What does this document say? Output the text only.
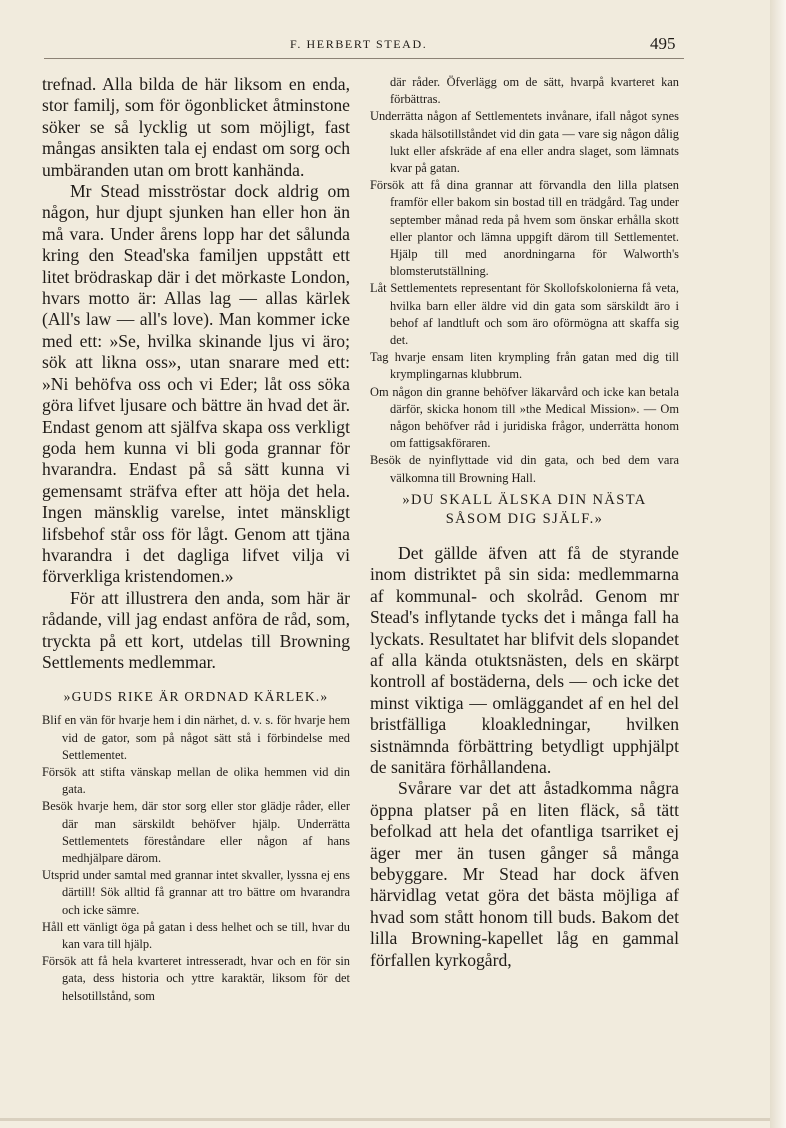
F. HERBERT STEAD.	495

trefnad. Alla bilda de här liksom en enda, stor familj, som för ögonblicket åtminstone söker se så lycklig ut som möjligt, fast mångas ansikten tala ej endast om sorg och umbäranden utan om brott kanhända.

Mr Stead misströstar dock aldrig om någon, hur djupt sjunken han eller hon än må vara. Under årens lopp har det sålunda kring den Stead'ska familjen uppstått ett litet brödraskap där i det mörkaste London, hvars motto är: Allas lag — allas kärlek (All's law — all's love). Man kommer icke med ett: »Se, hvilka skinande ljus vi äro; sök att likna oss», utan snarare med ett: »Ni behöfva oss och vi Eder; låt oss söka göra lifvet ljusare och bättre än hvad det är. Endast genom att själfva skapa oss verkligt goda hem kunna vi bli goda grannar för hvarandra. Endast på så sätt kunna vi gemensamt sträfva efter att höja det hela. Ingen mänsklig varelse, intet mänskligt lifsbehof står oss för lågt. Genom att tjäna hvarandra i det dagliga lifvet vilja vi förverkliga kristendomen.»

För att illustrera den anda, som här är rådande, vill jag endast anföra de råd, som, tryckta på ett kort, utdelas till Browning Settlements medlemmar.

»GUDS RIKE ÄR ORDNAD KÄRLEK.»

Blif en vän för hvarje hem i din närhet, d. v. s. för hvarje hem vid de gator, som på något sätt stå i förbindelse med Settlementet.

Försök att stifta vänskap mellan de olika hemmen vid din gata.

Besök hvarje hem, där stor sorg eller stor glädje råder, eller där man särskildt behöfver hjälp. Underrätta Settlementets föreståndare eller någon af hans medhjälpare därom.

Utsprid under samtal med grannar intet skvaller, lyssna ej ens därtill! Sök alltid få grannar att tro bättre om hvarandra och icke sämre.

Håll ett vänligt öga på gatan i dess helhet och se till, hvar du kan vara till hjälp.

Försök att få hela kvarteret intresseradt, hvar och en för sin gata, dess historia och yttre karaktär, liksom för det helsotillstånd, som

där råder. Öfverlägg om de sätt, hvarpå kvarteret kan förbättras.

Underrätta någon af Settlementets invånare, ifall något synes skada hälsotillståndet vid din gata — vare sig någon dålig lukt eller afskräde af ena eller andra slaget, som lämnats kvar på gatan.

Försök att få dina grannar att förvandla den lilla platsen framför eller bakom sin bostad till en trädgård. Tag under september månad reda på hvem som önskar erhålla skott eller plantor och lämna uppgift därom till Settlementet. Hjälp till med anordningarna för Walworth's blomsterutställning.

Låt Settlementets representant för Skollofskolonierna få veta, hvilka barn eller äldre vid din gata som särskildt äro i behof af landtluft och som äro oförmögna att skaffa sig det.

Tag hvarje ensam liten krympling från gatan med dig till krymplingarnas klubbrum.

Om någon din granne behöfver läkarvård och icke kan betala därför, skicka honom till »the Medical Mission». — Om någon behöfver råd i juridiska frågor, underrätta honom om fattigsakföraren.

Besök de nyinflyttade vid din gata, och bed dem vara välkomna till Browning Hall.

»DU SKALL ÄLSKA DIN NÄSTA
SÅSOM DIG SJÄLF.»

Det gällde äfven att få de styrande inom distriktet på sin sida: medlemmarna af kommunal- och skolråd. Genom mr Stead's inflytande tycks det i många fall ha lyckats. Resultatet har blifvit dels slopandet af alla kända otuktsnästen, dels en skärpt kontroll af bostäderna, dels — och icke det minst viktiga — omläggandet af en hel del bristfälliga kloakledningar, hvilken sistnämnda förbättring betydligt upphjälpt de sanitära förhållandena.

Svårare var det att åstadkomma några öppna platser på en liten fläck, så tätt befolkad att hela det ofantliga tsarriket ej äger mer än tusen gånger så många bebyggare. Mr Stead har dock äfven härvidlag vetat göra det bästa möjliga af hvad som stått honom till buds. Bakom det lilla Browning-kapellet låg en gammal förfallen kyrkogård,
